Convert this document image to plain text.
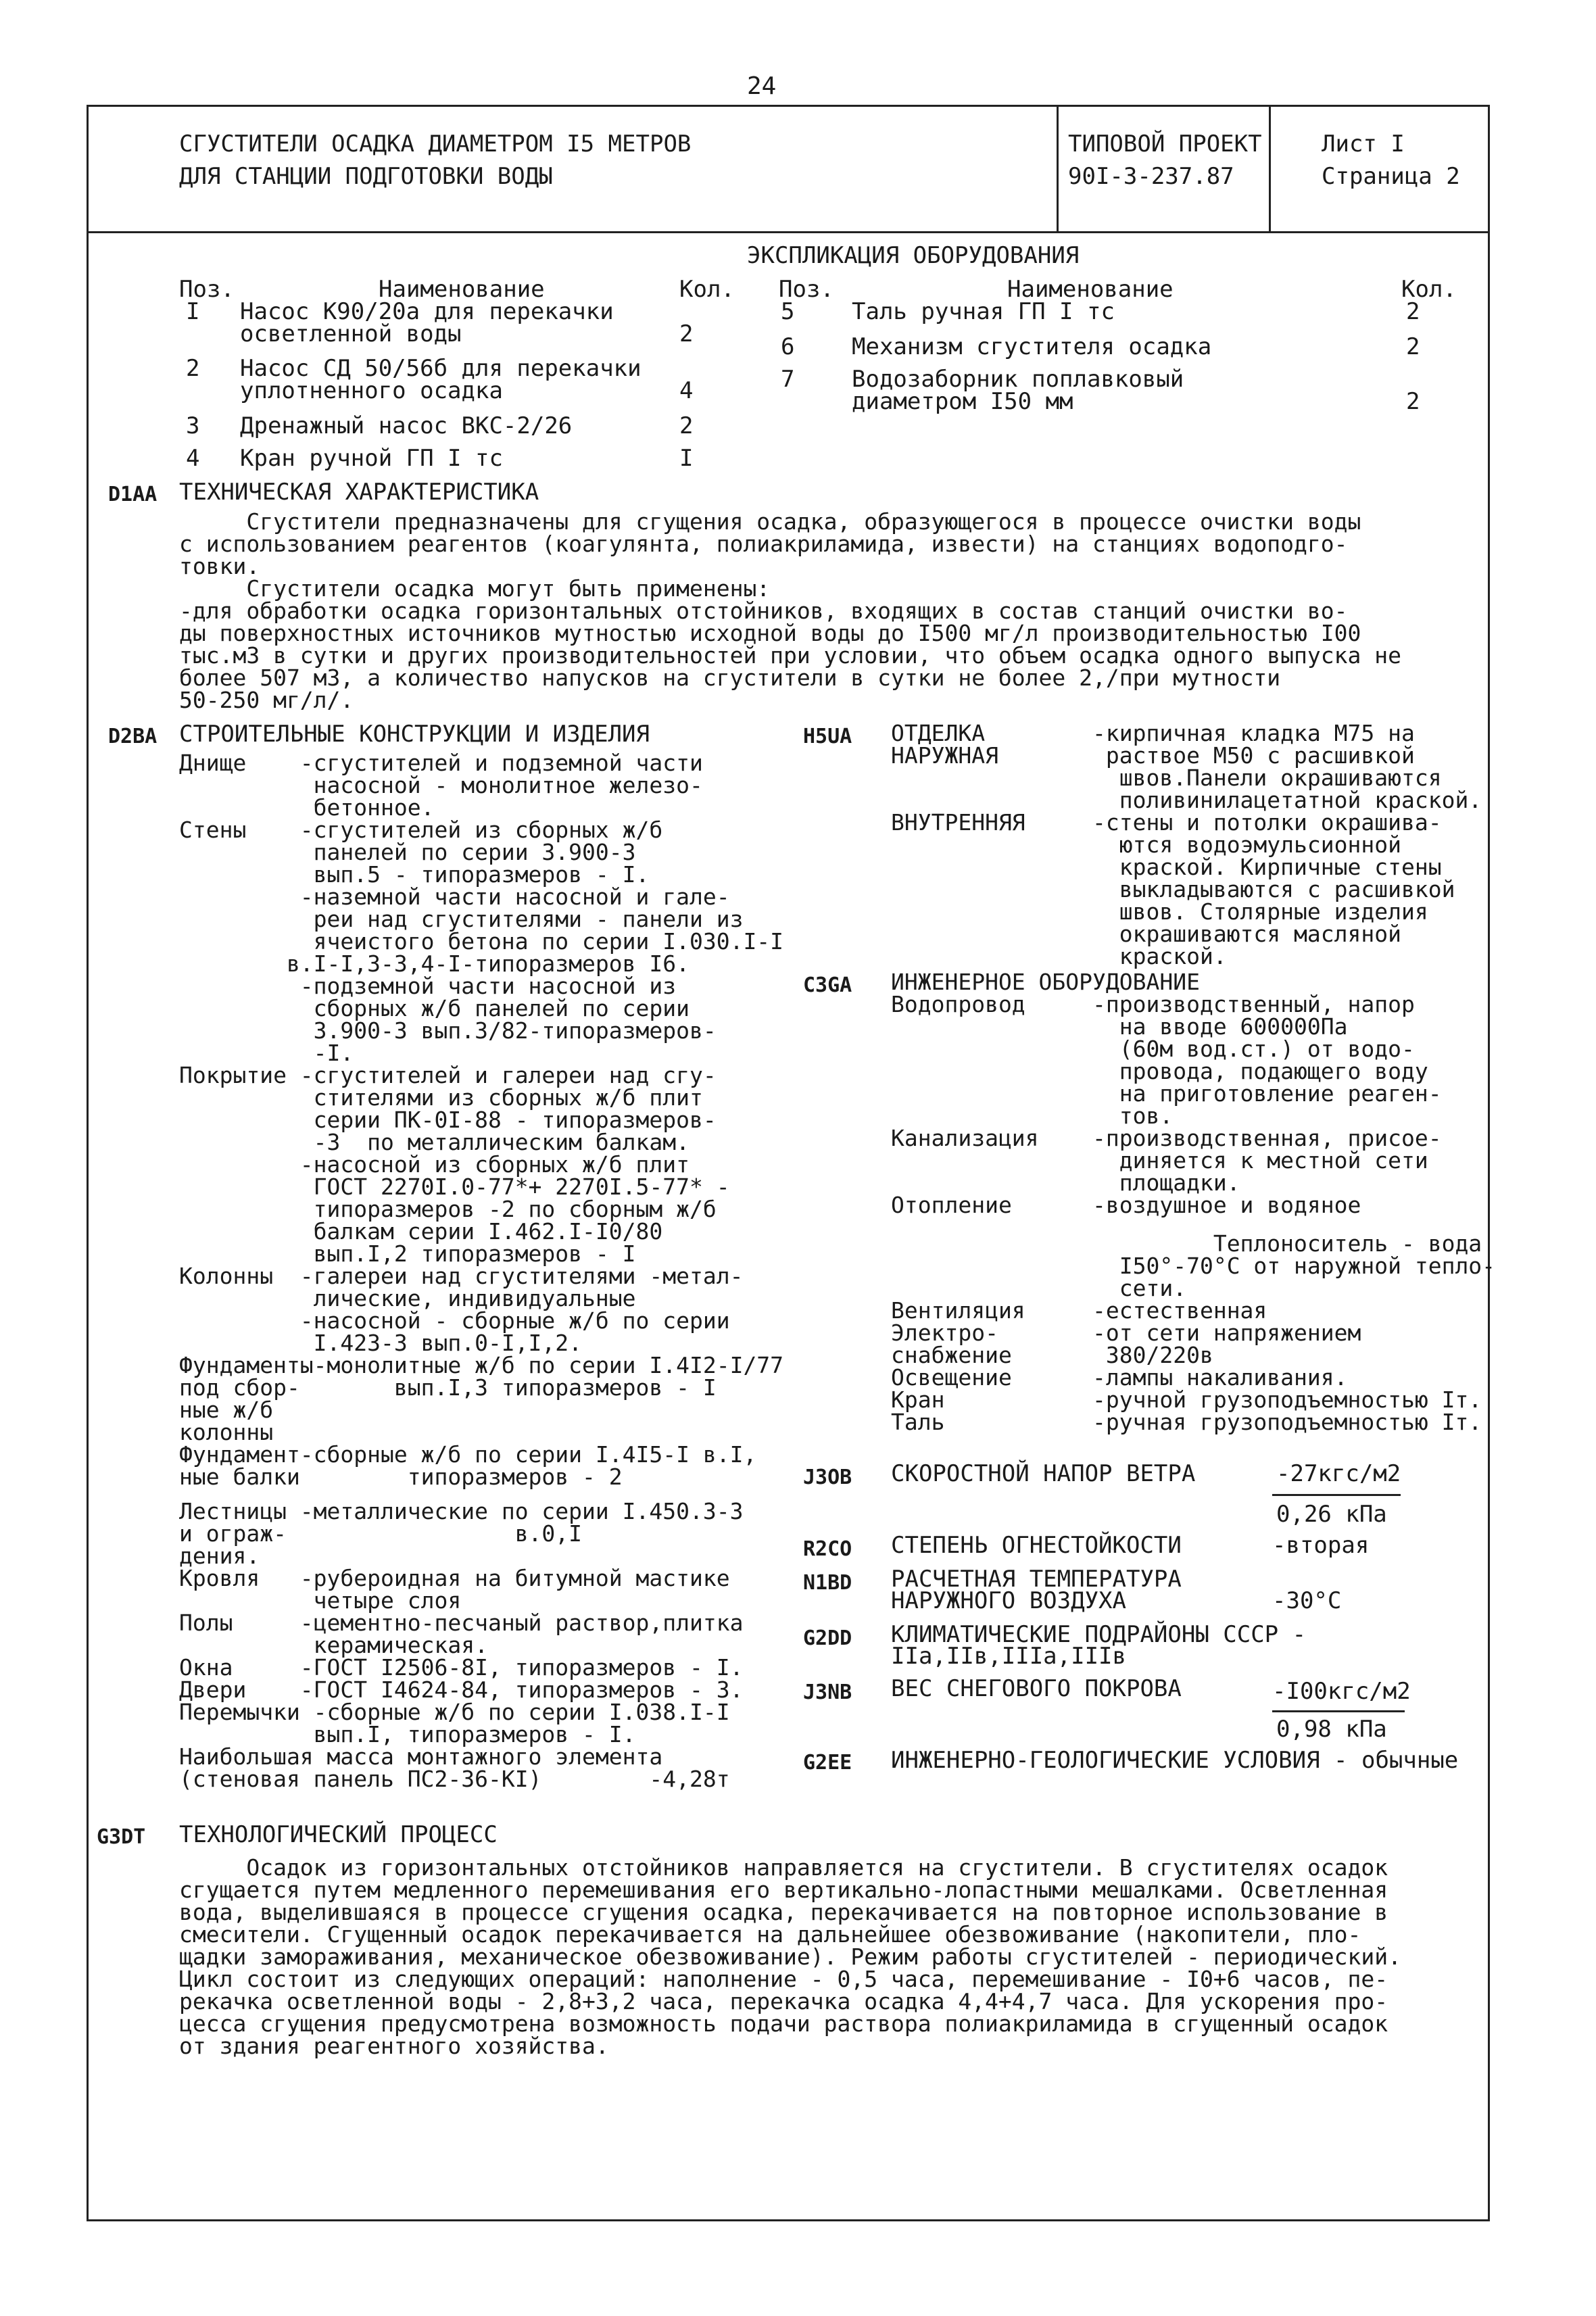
24
СГУСТИТЕЛИ ОСАДКА ДИАМЕТРОМ I5 МЕТРОВ
ДЛЯ СТАНЦИИ ПОДГОТОВКИ ВОДЫ
ТИПОВОЙ ПРОЕКТ
90I-3-237.87
Лист I
Страница 2
ЭКСПЛИКАЦИЯ ОБОРУДОВАНИЯ
Поз.	Наименование	Кол. Поз.	Наименование	Кол.
I Насос К90/20а для перекачки
осветленной воды	2
2 Насос СД 50/56б для перекачки
уплотненного осадка	4
3 Дренажный насос ВКС-2/26	2
4 Кран ручной ГП I тс	I
5 Таль ручная ГП I тс	2
6 Механизм сгустителя осадка	2
7 Водозаборник поплавковый
диаметром I50 мм	2
D1AA ТЕХНИЧЕСКАЯ ХАРАКТЕРИСТИКА
Сгустители предназначены для сгущения осадка, образующегося в процессе очистки воды
с использованием реагентов (коагулянта, полиакриламида, извести) на станциях водоподго-
товки.
Сгустители осадка могут быть применены:
-для обработки осадка горизонтальных отстойников, входящих в состав станций очистки во-
ды поверхностных источников мутностью исходной воды до I500 мг/л производительностью I00
тыс.м3 в сутки и других производительностей при условии, что объем осадка одного выпуска не
более 507 м3, а количество напусков на сгустители в сутки не более 2,/при мутности
50-250 мг/л/.
D2BA СТРОИТЕЛЬНЫЕ КОНСТРУКЦИИ И ИЗДЕЛИЯ
Днище    -сгустителей и подземной части
насосной - монолитное железо-
бетонное.
Стены    -сгустителей из сборных ж/б
панелей по серии 3.900-3
вып.5 - типоразмеров - I.
-наземной части насосной и гале-
реи над сгустителями - панели из
ячеистого бетона по серии I.030.I-I
в.I-I,3-3,4-I-типоразмеров I6.
-подземной части насосной из
сборных ж/б панелей по серии
3.900-3 вып.3/82-типоразмеров-
-I.
Покрытие -сгустителей и галереи над сгу-
стителями из сборных ж/б плит
серии ПК-0I-88 - типоразмеров-
-3  по металлическим балкам.
-насосной из сборных ж/б плит
ГОСТ 2270I.0-77*+ 2270I.5-77* -
типоразмеров -2 по сборным ж/б
балкам серии I.462.I-I0/80
вып.I,2 типоразмеров - I
Колонны  -галереи над сгустителями -метал-
лические, индивидуальные
-насосной - сборные ж/б по серии
I.423-3 вып.0-I,I,2.
Фундаменты-монолитные ж/б по серии I.4I2-I/77
под сбор-       вып.I,3 типоразмеров - I
ные ж/б
колонны
Фундамент-сборные ж/б по серии I.4I5-I в.I,
ные балки        типоразмеров - 2
Лестницы -металлические по серии I.450.3-3
и ограж-                 в.0,I
дения.
Кровля   -рубероидная на битумной мастике
четыре слоя
Полы     -цементно-песчаный раствор,плитка
керамическая.
Окна     -ГОСТ I2506-8I, типоразмеров - I.
Двери    -ГОСТ I4624-84, типоразмеров - 3.
Перемычки -сборные ж/б по серии I.038.I-I
вып.I, типоразмеров - I.
Наибольшая масса монтажного элемента
(стеновая панель ПС2-36-КI)        -4,28т
H5UA ОТДЕЛКА        -кирпичная кладка М75 на
НАРУЖНАЯ        раствое М50 с расшивкой
швов.Панели окрашиваются
поливинилацетатной краской.
ВНУТРЕННЯЯ     -стены и потолки окрашива-
ются водоэмульсионной
краской. Кирпичные стены
выкладываются с расшивкой
швов. Столярные изделия
окрашиваются масляной
краской.
C3GA ИНЖЕНЕРНОЕ ОБОРУДОВАНИЕ
Водопровод     -производственный, напор
на вводе 600000Па
(60м вод.ст.) от водо-
провода, подающего воду
на приготовление реаген-
тов.
Канализация    -производственная, присое-
диняется к местной сети
площадки.
Отопление      -воздушное и водяное
Теплоноситель - вода
I50°-70°С от наружной тепло-
сети.
Вентиляция     -естественная
Электро-       -от сети напряжением
снабжение       380/220в
Освещение      -лампы накаливания.
Кран           -ручной грузоподъемностью Iт.
Таль           -ручная грузоподъемностью Iт.
J3OB СКОРОСТНОЙ НАПОР ВЕТРА	-27кгс/м2
0,26 кПа
R2CO СТЕПЕНЬ ОГНЕСТОЙКОСТИ	-вторая
N1BD РАСЧЕТНАЯ ТЕМПЕРАТУРА
НАРУЖНОГО ВОЗДУХА	-30°С
G2DD КЛИМАТИЧЕСКИЕ ПОДРАЙОНЫ СССР -
IIа,IIв,IIIа,IIIв
J3NB ВЕС СНЕГОВОГО ПОКРОВА	-I00кгс/м2
0,98 кПа
G2EE ИНЖЕНЕРНО-ГЕОЛОГИЧЕСКИЕ УСЛОВИЯ - обычные
G3DT ТЕХНОЛОГИЧЕСКИЙ ПРОЦЕСС
Осадок из горизонтальных отстойников направляется на сгустители. В сгустителях осадок
сгущается путем медленного перемешивания его вертикально-лопастными мешалками. Осветленная
вода, выделившаяся в процессе сгущения осадка, перекачивается на повторное использование в
смесители. Сгущенный осадок перекачивается на дальнейшее обезвоживание (накопители, пло-
щадки замораживания, механическое обезвоживание). Режим работы сгустителей - периодический.
Цикл состоит из следующих операций: наполнение - 0,5 часа, перемешивание - I0+6 часов, пе-
рекачка осветленной воды - 2,8+3,2 часа, перекачка осадка 4,4+4,7 часа. Для ускорения про-
цесса сгущения предусмотрена возможность подачи раствора полиакриламида в сгущенный осадок
от здания реагентного хозяйства.
